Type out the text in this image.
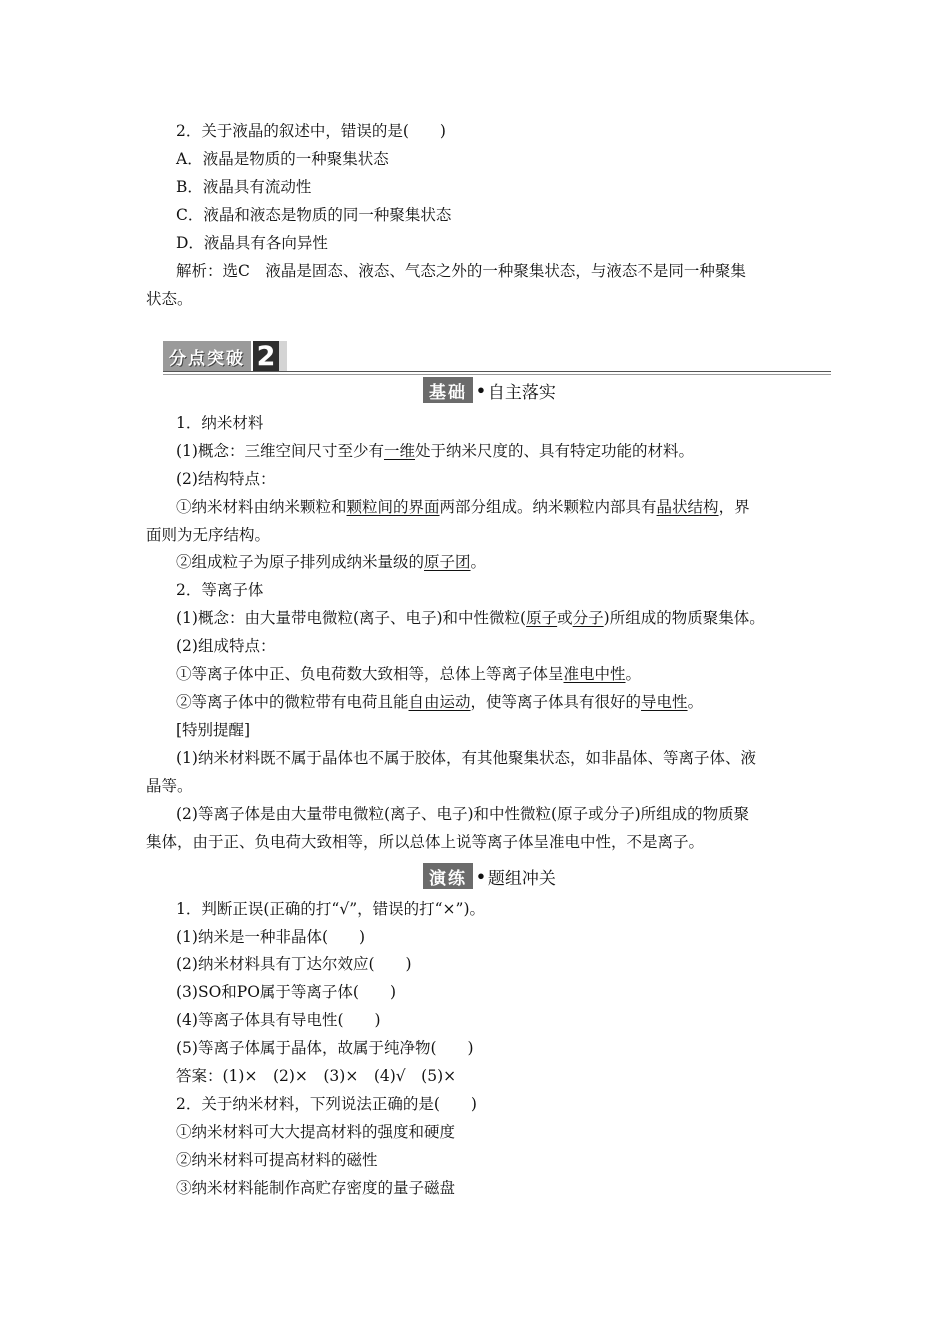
2．关于液晶的叙述中，错误的是(　　)
A．液晶是物质的一种聚集状态
B．液晶具有流动性
C．液晶和液态是物质的同一种聚集状态
D．液晶具有各向异性
解析：选C　液晶是固态、液态、气态之外的一种聚集状态，与液态不是同一种聚集
状态。
分点突破 2
基础 • 自主落实
1．纳米材料
(1)概念：三维空间尺寸至少有一维处于纳米尺度的、具有特定功能的材料。
(2)结构特点：
①纳米材料由纳米颗粒和颗粒间的界面两部分组成。纳米颗粒内部具有晶状结构，界
面则为无序结构。
②组成粒子为原子排列成纳米量级的原子团。
2．等离子体
(1)概念：由大量带电微粒(离子、电子)和中性微粒(原子或分子)所组成的物质聚集体。
(2)组成特点：
①等离子体中正、负电荷数大致相等，总体上等离子体呈准电中性。
②等离子体中的微粒带有电荷且能自由运动，使等离子体具有很好的导电性。
[特别提醒]
(1)纳米材料既不属于晶体也不属于胶体，有其他聚集状态，如非晶体、等离子体、液
晶等。
(2)等离子体是由大量带电微粒(离子、电子)和中性微粒(原子或分子)所组成的物质聚
集体，由于正、负电荷大致相等，所以总体上说等离子体呈准电中性，不是离子。
演练 • 题组冲关
1．判断正误(正确的打“√”，错误的打“×”)。
(1)纳米是一种非晶体(　　)
(2)纳米材料具有丁达尔效应(　　)
(3)SO和PO属于等离子体(　　)
(4)等离子体具有导电性(　　)
(5)等离子体属于晶体，故属于纯净物(　　)
答案：(1)×　(2)×　(3)×　(4)√　(5)×
2．关于纳米材料，下列说法正确的是(　　)
①纳米材料可大大提高材料的强度和硬度
②纳米材料可提高材料的磁性
③纳米材料能制作高贮存密度的量子磁盘
